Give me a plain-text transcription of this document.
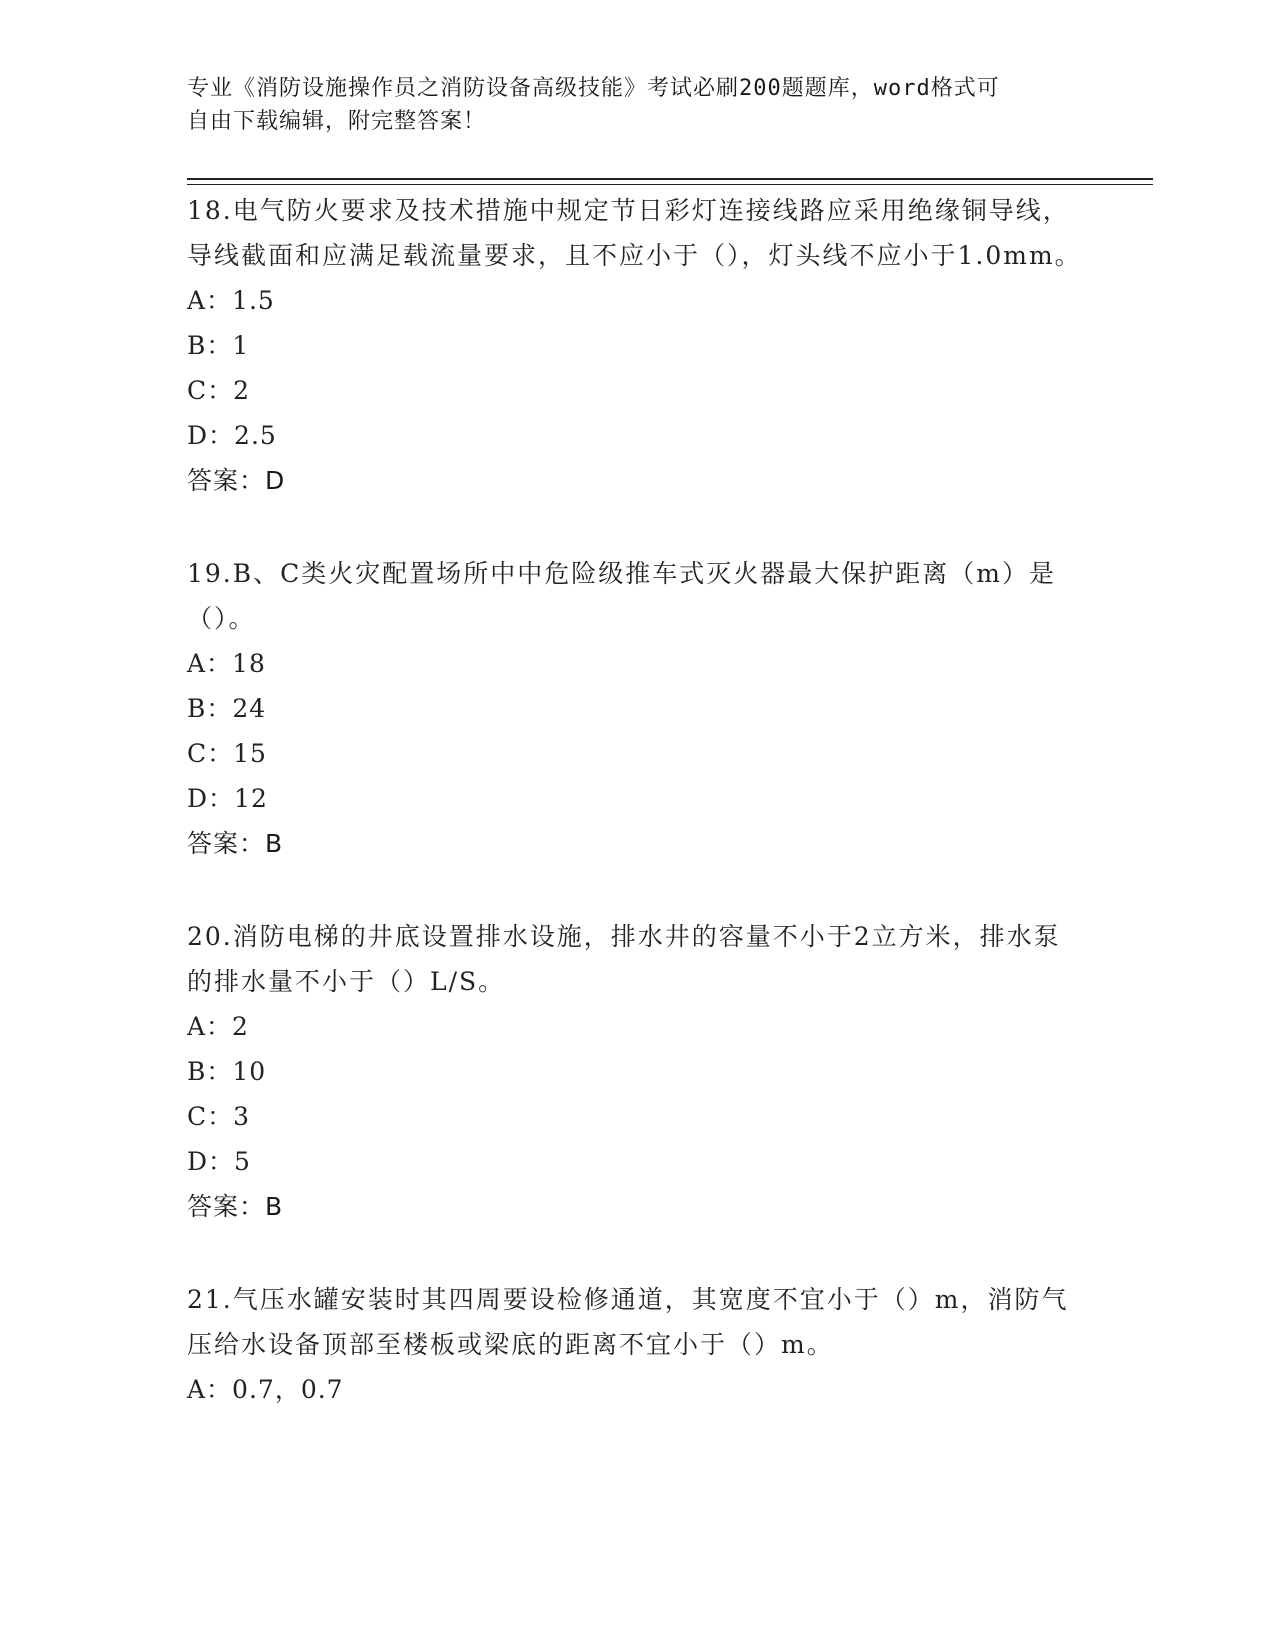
专业《消防设施操作员之消防设备高级技能》考试必刷200题题库，word格式可
自由下载编辑，附完整答案！

18.电气防火要求及技术措施中规定节日彩灯连接线路应采用绝缘铜导线，导线截面和应满足载流量要求，且不应小于（），灯头线不应小于1.0mm。

A：1.5

B：1

C：2

D：2.5

答案：D

19.B、C类火灾配置场所中中危险级推车式灭火器最大保护距离（m）是（）。

A：18

B：24

C：15

D：12

答案：B

20.消防电梯的井底设置排水设施，排水井的容量不小于2立方米，排水泵的排水量不小于（）L/S。

A：2

B：10

C：3

D：5

答案：B

21.气压水罐安装时其四周要设检修通道，其宽度不宜小于（）m，消防气压给水设备顶部至楼板或梁底的距离不宜小于（）m。

A：0.7，0.7
